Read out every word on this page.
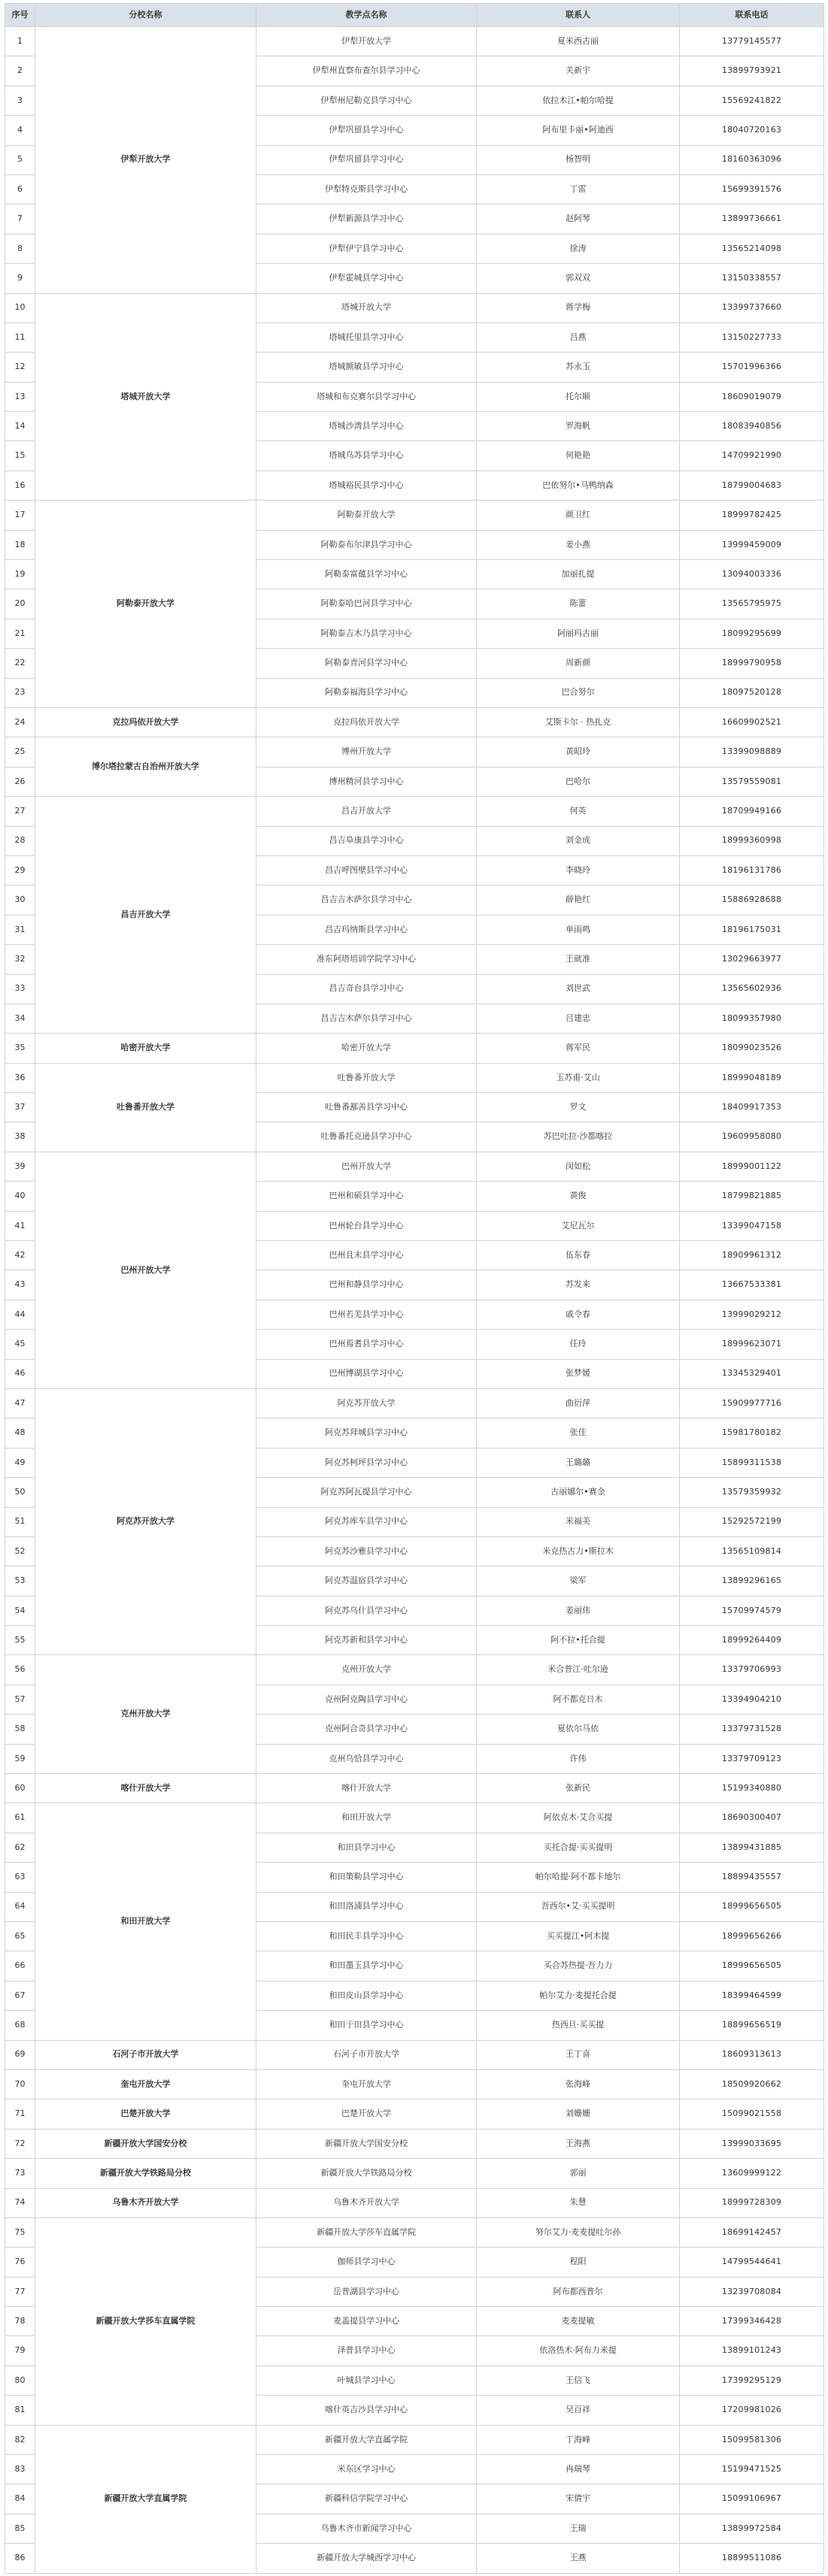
序号	分校名称	教学点名称	联系人	联系电话
1	伊犁开放大学	伊犁开放大学	夏米西古丽	13779145577
2		伊犁州直察布查尔县学习中心	关新宇	13899793921
3		伊犁州尼勒克县学习中心	依拉木江•帕尔哈提	15569241822
4		伊犁巩留县学习中心	阿布里卡丽•阿迪西	18040720163
5		伊犁巩留县学习中心	杨智明	18160363096
6		伊犁特克斯县学习中心	丁雷	15699391576
7		伊犁新源县学习中心	赵阿琴	13899736661
8		伊犁伊宁县学习中心	徐涛	13565214098
9		伊犁霍城县学习中心	郭双双	13150338557
10	塔城开放大学	塔城开放大学	蒋学梅	13399737660
11		塔城托里县学习中心	吕燕	13150227733
12		塔城额敏县学习中心	苏永玉	15701996366
13		塔城和布克赛尔县学习中心	托尔顺	18609019079
14		塔城沙湾县学习中心	罗海帆	18083940856
15		塔城乌苏县学习中心	何艳艳	14709921990
16		塔城裕民县学习中心	巴依努尔•马鸭纳森	18799004683
17	阿勒泰开放大学	阿勒泰开放大学	颜卫红	18999782425
18		阿勒泰布尔津县学习中心	姜小燕	13999459009
19		阿勒泰富蕴县学习中心	加丽扎提	13094003336
20		阿勒泰哈巴河县学习中心	陈蕾	13565795975
21		阿勒泰吉木乃县学习中心	阿丽玛古丽	18099295699
22		阿勒泰青河县学习中心	周新颜	18999790958
23		阿勒泰福海县学习中心	巴合努尔	18097520128
24	克拉玛依开放大学	克拉玛依开放大学	艾斯卡尔 · 热扎克	16609902521
25	博尔塔拉蒙古自治州开放大学	博州开放大学	黄昭玲	13399098889
26		博州精河县学习中心	巴哈尔	13579559081
27	昌吉开放大学	昌吉开放大学	何英	18709949166
28		昌吉阜康县学习中心	刘金成	18999360998
29		昌吉呼图壁县学习中心	李晓玲	18196131786
30		昌吉吉木萨尔县学习中心	薛艳红	15886928688
31		昌吉玛纳斯县学习中心	单雨鸣	18196175031
32		准东阿塔培训学院学习中心	王就准	13029663977
33		昌吉奇台县学习中心	刘世武	13565602936
34		昌吉吉木萨尔县学习中心	吕建忠	18099357980
35	哈密开放大学	哈密开放大学	蒋军民	18099023526
36	吐鲁番开放大学	吐鲁番开放大学	玉苏甫·艾山	18999048189
37		吐鲁番鄯善县学习中心	罗文	18409917353
38		吐鲁番托克逊县学习中心	苏巴吐拉·沙都喀拉	19609958080
39	巴州开放大学	巴州开放大学	闵如松	18999001122
40		巴州和硕县学习中心	黄俊	18799821885
41		巴州轮台县学习中心	艾尼瓦尔	13399047158
42		巴州且末县学习中心	伍东春	18909961312
43		巴州和静县学习中心	苏发来	13667533381
44		巴州若羌县学习中心	戚令春	13999029212
45		巴州焉耆县学习中心	任玲	18999623071
46		巴州博湖县学习中心	张梦媛	13345329401
47	阿克苏开放大学	阿克苏开放大学	曲衍萍	15909977716
48		阿克苏拜城县学习中心	张佳	15981780182
49		阿克苏柯坪县学习中心	王璐璐	15899311538
50		阿克苏阿瓦提县学习中心	古丽娜尔•赛金	13579359932
51		阿克苏库车县学习中心	米福美	15292572199
52		阿克苏沙雅县学习中心	米克热古力•斯拉木	13565109814
53		阿克苏温宿县学习中心	梁军	13899296165
54		阿克苏乌什县学习中心	姜丽伟	15709974579
55		阿克苏新和县学习中心	阿不拉•托合提	18999264409
56	克州开放大学	克州开放大学	米合普江·吐尔逊	13379706993
57		克州阿克陶县学习中心	阿不都克日木	13394904210
58		克州阿合奇县学习中心	夏依尔马依	13379731528
59		克州乌恰县学习中心	许伟	13379709123
60	喀什开放大学	喀什开放大学	张新民	15199340880
61	和田开放大学	和田开放大学	阿依克木·艾合买提	18690300407
62		和田县学习中心	买托合提·买买提明	13899431885
63		和田策勒县学习中心	帕尔哈提·阿不都卡地尔	18899435557
64		和田洛浦县学习中心	吾西尔•艾·买买提明	18999656505
65		和田民丰县学习中心	买买提江•阿木提	18999656266
66		和田墨玉县学习中心	买合苏热提·吾力力	18999656505
67		和田皮山县学习中心	帕尔艾力·麦提托合提	18399464599
68		和田于田县学习中心	热西旦·买买提	18899656519
69	石河子市开放大学	石河子市开放大学	王丁喜	18609313613
70	奎屯开放大学	奎屯开放大学	张海峰	18509920662
71	巴楚开放大学	巴楚开放大学	刘姗姗	15099021558
72	新疆开放大学国安分校	新疆开放大学国安分校	王海燕	13999033695
73	新疆开放大学铁路局分校	新疆开放大学铁路局分校	郭丽	13609999122
74	乌鲁木齐开放大学	乌鲁木齐开放大学	朱慧	18999728309
75	新疆开放大学莎车直属学院	新疆开放大学莎车直属学院	努尔艾力·麦麦提吐尔孙	18699142457
76		伽师县学习中心	程阳	14799544641
77		岳普湖县学习中心	阿布都西普尔	13239708084
78		麦盖提县学习中心	麦麦提敏	17399346428
79		泽普县学习中心	依洛热木·阿布力米提	13899101243
80		叶城县学习中心	王信飞	17399295129
81		喀什英吉沙县学习中心	吴百祥	17209981026
82	新疆开放大学直属学院	新疆开放大学直属学院	丁海峰	15099581306
83		米东区学习中心	冉瑞琴	15199471525
84		新疆科信学院学习中心	宋倩宇	15099106967
85		乌鲁木齐市新闻学习中心	王瑞	13899972584
86		新疆开放大学城西学习中心	王燕	18899511086
